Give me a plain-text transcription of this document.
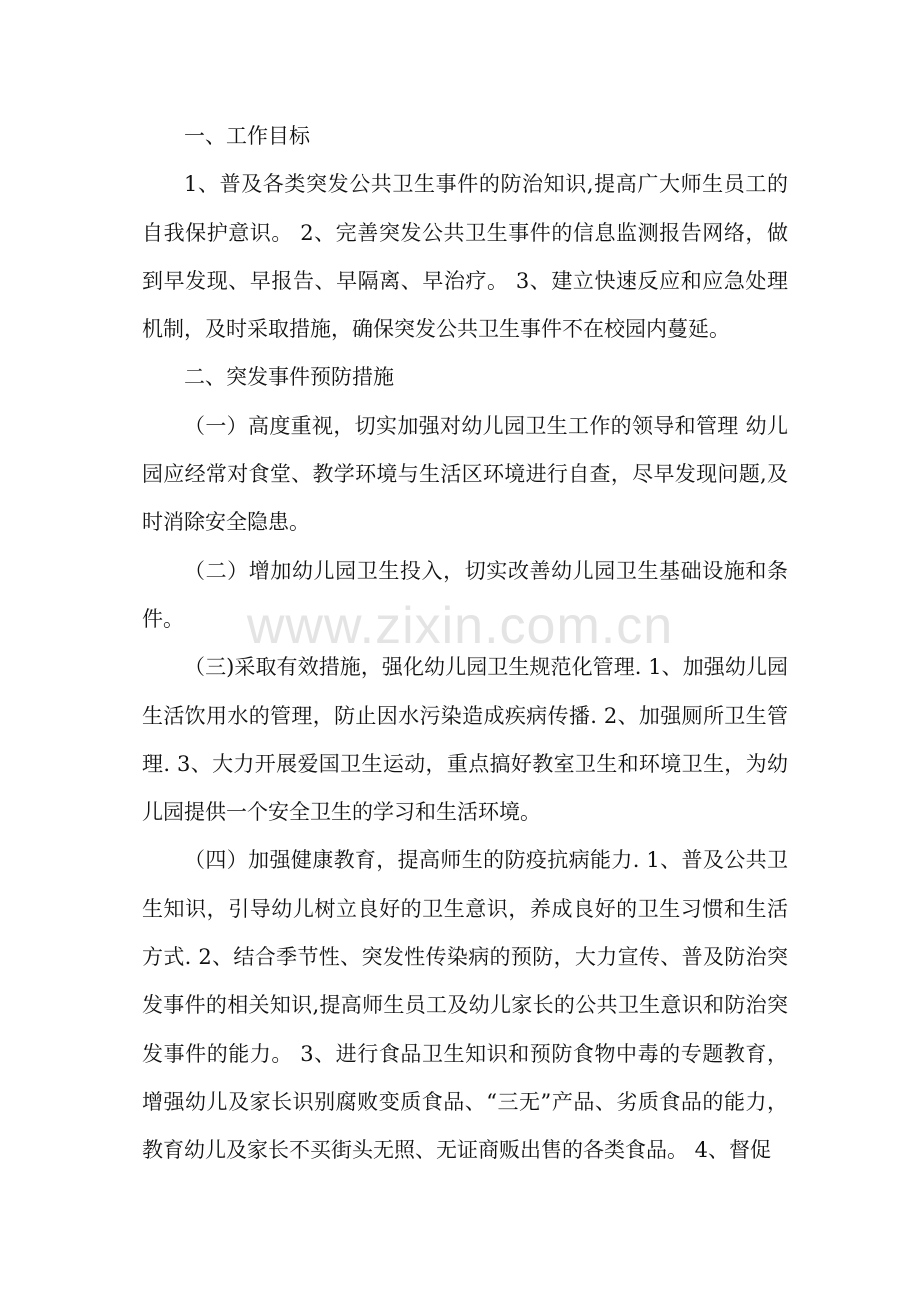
一、工作目标

1、普及各类突发公共卫生事件的防治知识,提高广大师生员工的自我保护意识。 2、完善突发公共卫生事件的信息监测报告网络，做到早发现、早报告、早隔离、早治疗。 3、建立快速反应和应急处理机制，及时采取措施，确保突发公共卫生事件不在校园内蔓延。

二、突发事件预防措施

（一）高度重视，切实加强对幼儿园卫生工作的领导和管理 幼儿园应经常对食堂、教学环境与生活区环境进行自查，尽早发现问题,及时消除安全隐患。

（二）增加幼儿园卫生投入，切实改善幼儿园卫生基础设施和条件。

（三)采取有效措施，强化幼儿园卫生规范化管理. 1、加强幼儿园生活饮用水的管理，防止因水污染造成疾病传播. 2、加强厕所卫生管理. 3、大力开展爱国卫生运动，重点搞好教室卫生和环境卫生，为幼儿园提供一个安全卫生的学习和生活环境。

（四）加强健康教育，提高师生的防疫抗病能力. 1、普及公共卫生知识，引导幼儿树立良好的卫生意识，养成良好的卫生习惯和生活方式. 2、结合季节性、突发性传染病的预防，大力宣传、普及防治突发事件的相关知识,提高师生员工及幼儿家长的公共卫生意识和防治突发事件的能力。 3、进行食品卫生知识和预防食物中毒的专题教育，增强幼儿及家长识别腐败变质食品、“三无”产品、劣质食品的能力，教育幼儿及家长不买街头无照、无证商贩出售的各类食品。 4、督促

www.zixin.com.cn
